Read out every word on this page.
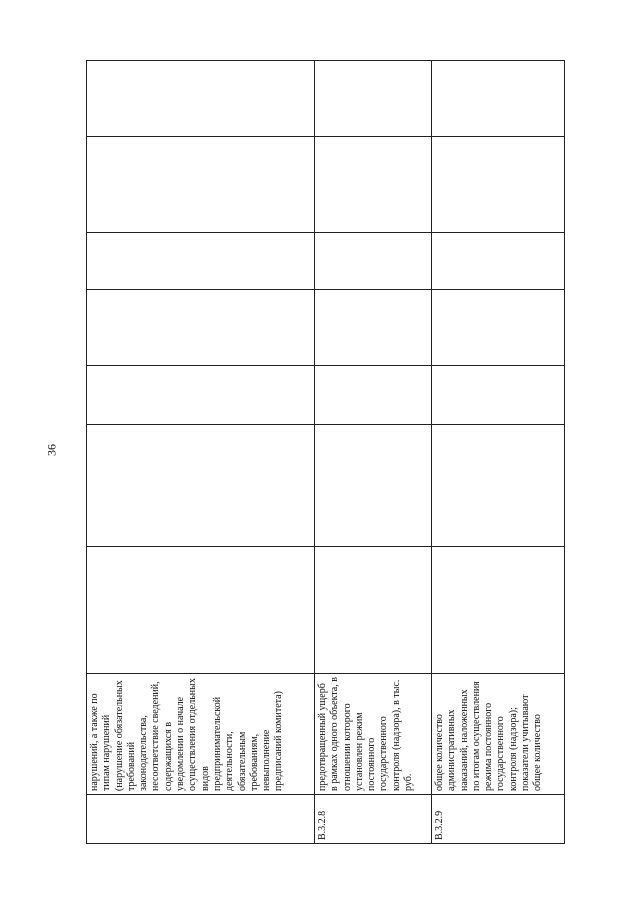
36
	нарушений, а также по типам нарушений (нарушение обязательных требований законодательства, несоответствие сведений, содержащихся в уведомлении о начале осуществления отдельных видов предпринимательской деятельности, обязательным требованиям, невыполнение предписаний комитета)							
В.3.2.8	предотвращенный ущерб в рамках одного объекта, в отношении которого установлен режим постоянного государственного контроля (надзора), в тыс. руб.							
В.3.2.9	общее количество административных наказаний, наложенных по итогам осуществления режима постоянного государственного контроля (надзора); показатели учитывают общее количество							
